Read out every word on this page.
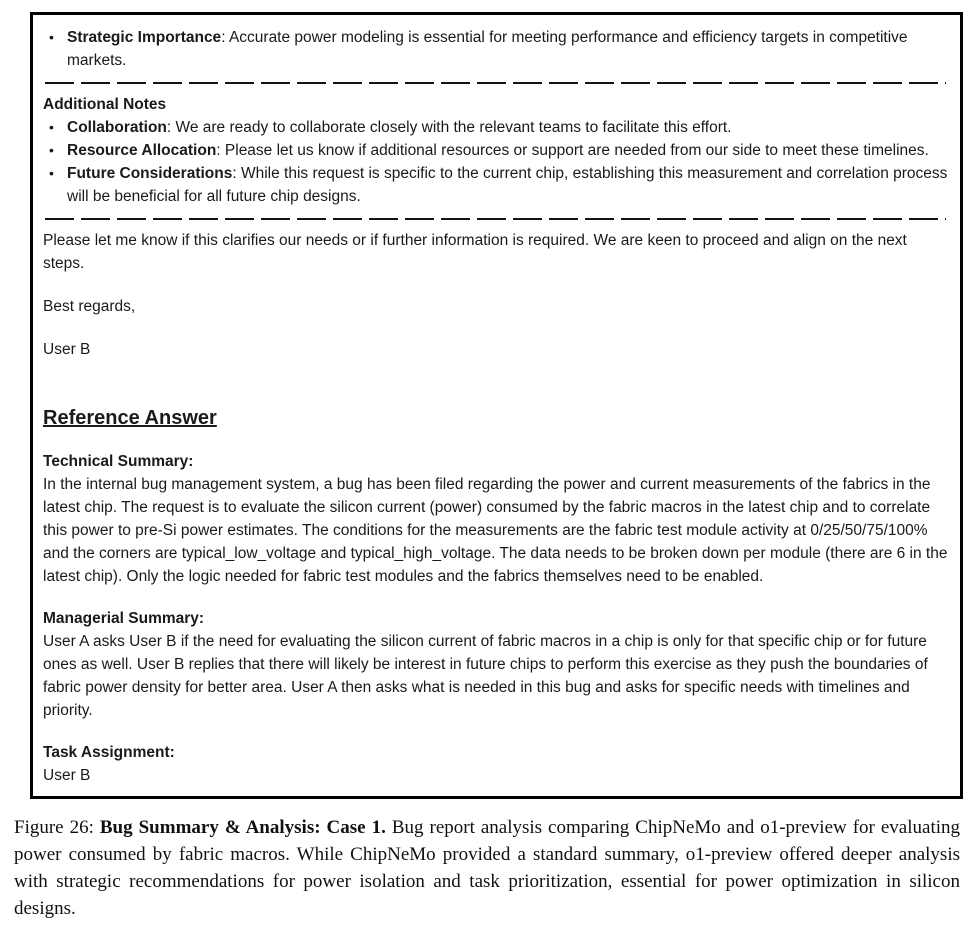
• Strategic Importance: Accurate power modeling is essential for meeting performance and efficiency targets in competitive markets.
Additional Notes
• Collaboration: We are ready to collaborate closely with the relevant teams to facilitate this effort.
• Resource Allocation: Please let us know if additional resources or support are needed from our side to meet these timelines.
• Future Considerations: While this request is specific to the current chip, establishing this measurement and correlation process will be beneficial for all future chip designs.

Please let me know if this clarifies our needs or if further information is required. We are keen to proceed and align on the next steps.

Best regards,

User B

Reference Answer
Technical Summary:
In the internal bug management system, a bug has been filed regarding the power and current measurements of the fabrics in the latest chip. The request is to evaluate the silicon current (power) consumed by the fabric macros in the latest chip and to correlate this power to pre-Si power estimates. The conditions for the measurements are the fabric test module activity at 0/25/50/75/100% and the corners are typical_low_voltage and typical_high_voltage. The data needs to be broken down per module (there are 6 in the latest chip). Only the logic needed for fabric test modules and the fabrics themselves need to be enabled.
Managerial Summary:
User A asks User B if the need for evaluating the silicon current of fabric macros in a chip is only for that specific chip or for future ones as well. User B replies that there will likely be interest in future chips to perform this exercise as they push the boundaries of fabric power density for better area. User A then asks what is needed in this bug and asks for specific needs with timelines and priority.
Task Assignment:
User B
Figure 26: Bug Summary & Analysis: Case 1. Bug report analysis comparing ChipNeMo and o1-preview for evaluating power consumed by fabric macros. While ChipNeMo provided a standard summary, o1-preview offered deeper analysis with strategic recommendations for power isolation and task prioritization, essential for power optimization in silicon designs.
